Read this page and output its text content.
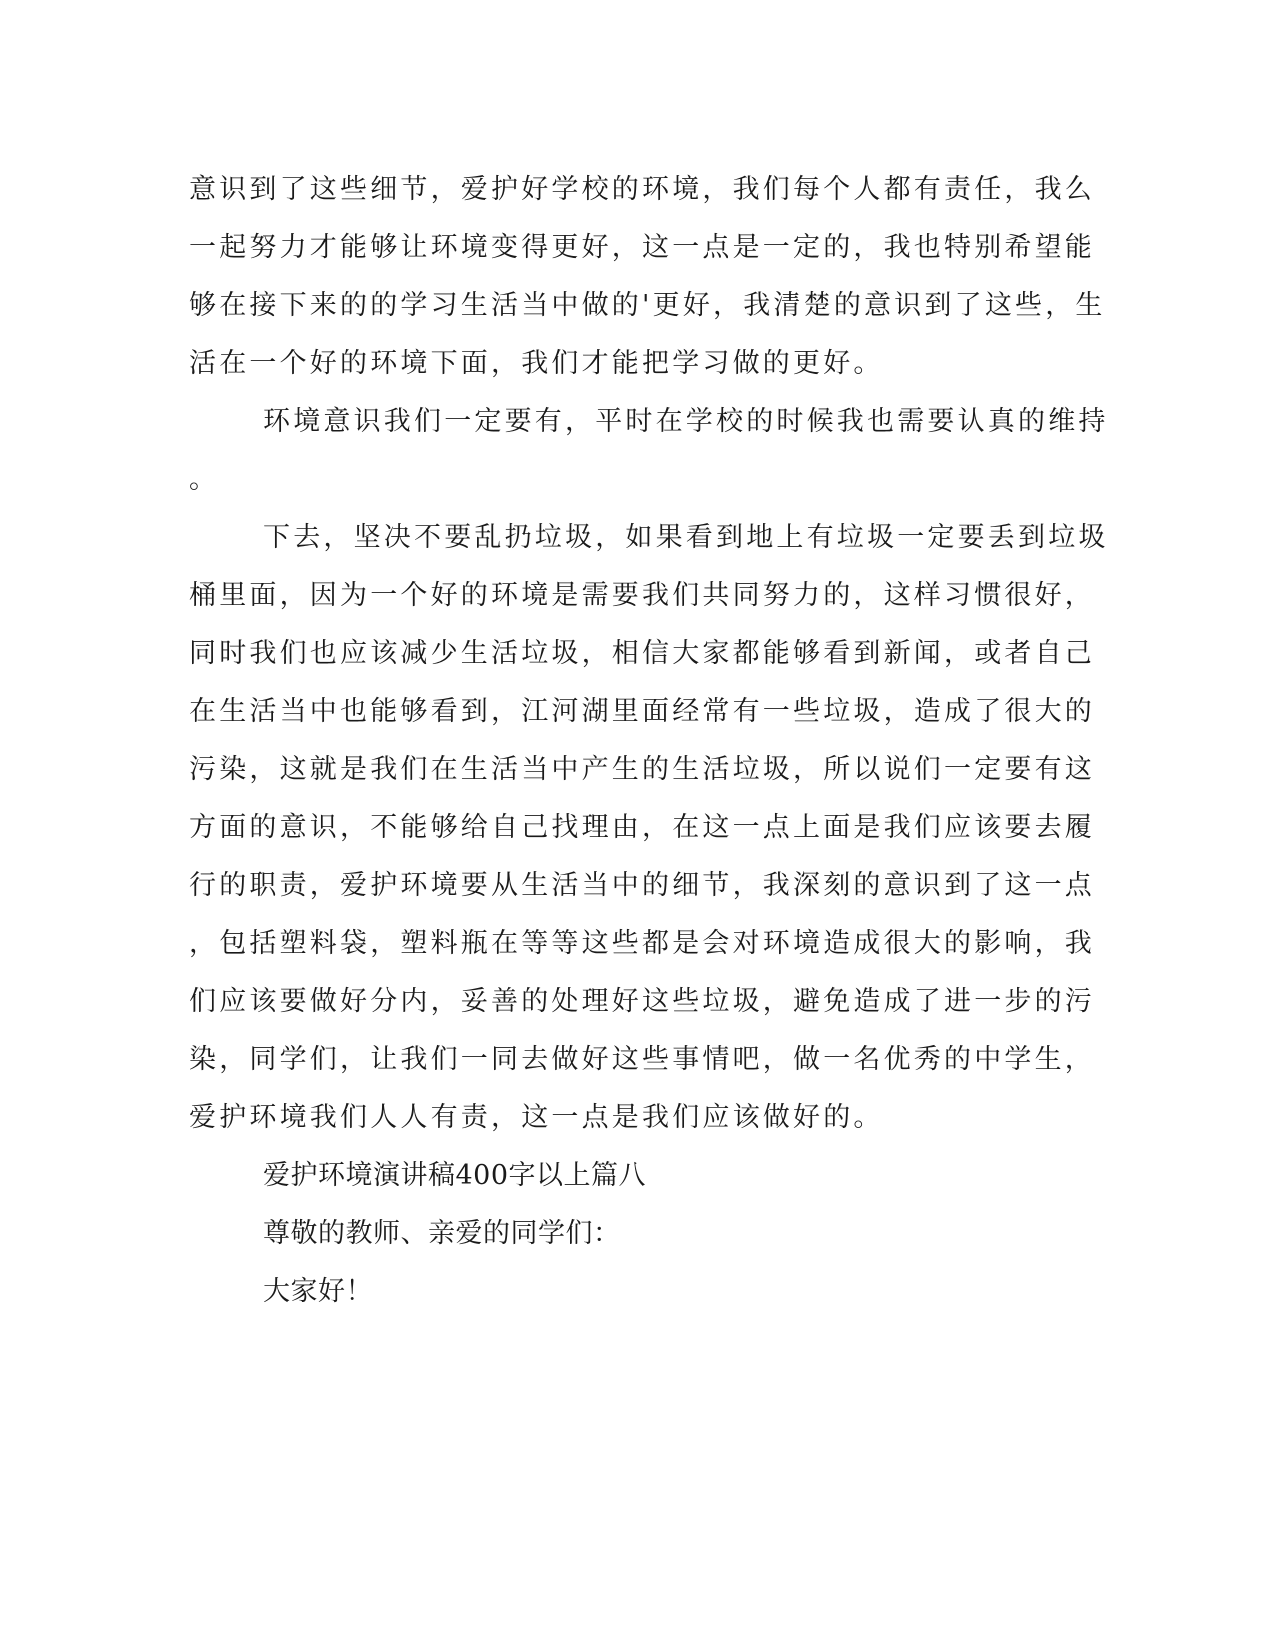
意识到了这些细节，爱护好学校的环境，我们每个人都有责任，我么
一起努力才能够让环境变得更好，这一点是一定的，我也特别希望能
够在接下来的的学习生活当中做的'更好，我清楚的意识到了这些，生
活在一个好的环境下面，我们才能把学习做的更好。
环境意识我们一定要有，平时在学校的时候我也需要认真的维持
。
下去，坚决不要乱扔垃圾，如果看到地上有垃圾一定要丢到垃圾
桶里面，因为一个好的环境是需要我们共同努力的，这样习惯很好，
同时我们也应该减少生活垃圾，相信大家都能够看到新闻，或者自己
在生活当中也能够看到，江河湖里面经常有一些垃圾，造成了很大的
污染，这就是我们在生活当中产生的生活垃圾，所以说们一定要有这
方面的意识，不能够给自己找理由，在这一点上面是我们应该要去履
行的职责，爱护环境要从生活当中的细节，我深刻的意识到了这一点
，包括塑料袋，塑料瓶在等等这些都是会对环境造成很大的影响，我
们应该要做好分内，妥善的处理好这些垃圾，避免造成了进一步的污
染，同学们，让我们一同去做好这些事情吧，做一名优秀的中学生，
爱护环境我们人人有责，这一点是我们应该做好的。
爱护环境演讲稿400字以上篇八
尊敬的教师、亲爱的同学们：
大家好！
